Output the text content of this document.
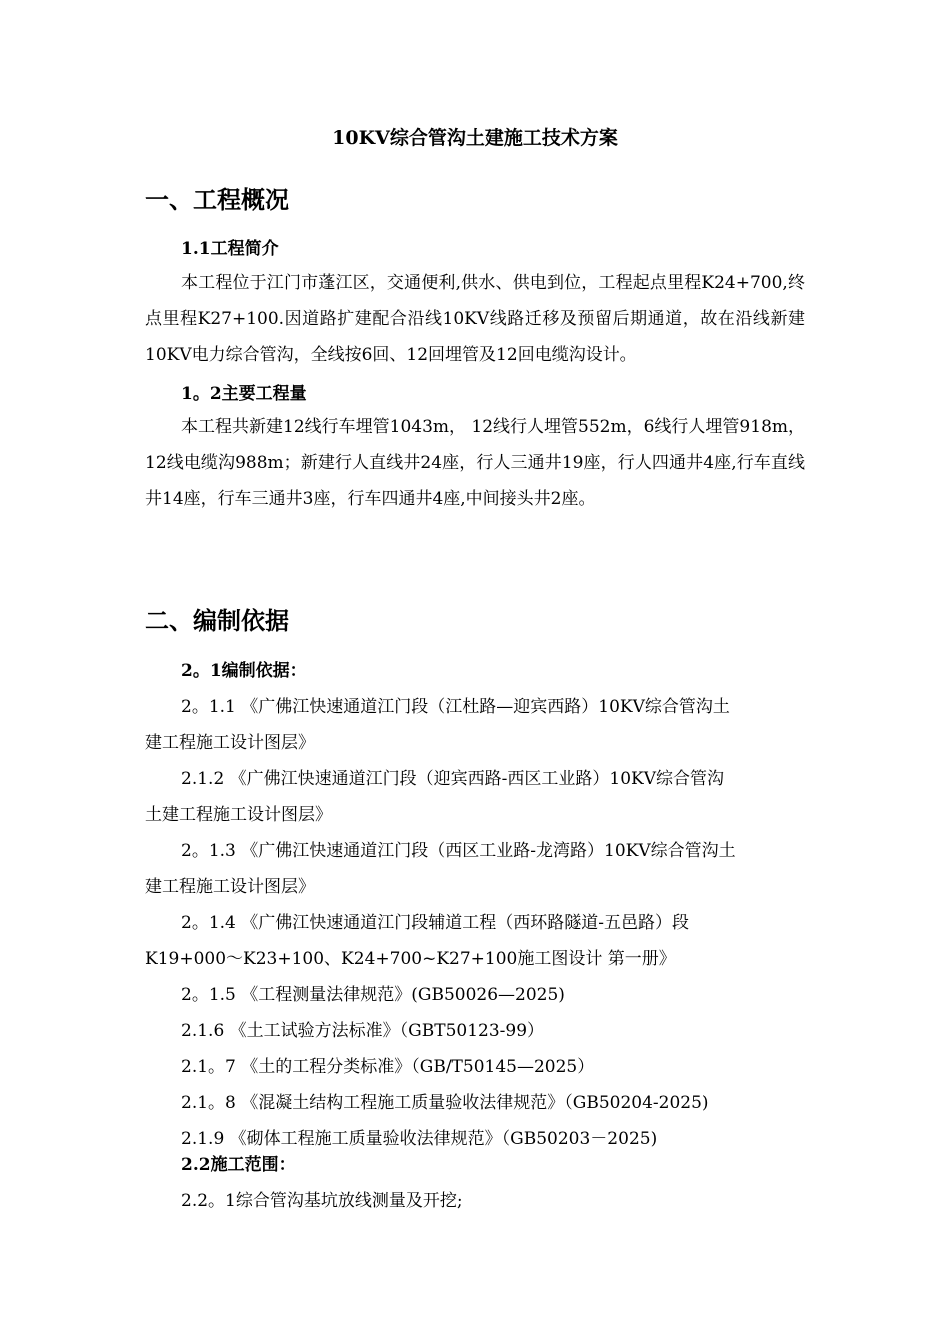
10KV综合管沟土建施工技术方案
一、工程概况
1.1工程简介

本工程位于江门市蓬江区，交通便利,供水、供电到位，工程起点里程K24+700,终点里程K27+100.因道路扩建配合沿线10KV线路迁移及预留后期通道，故在沿线新建10KV电力综合管沟，全线按6回、12回埋管及12回电缆沟设计。

1。2主要工程量

本工程共新建12线行车埋管1043m， 12线行人埋管552m，6线行人埋管918m， 12线电缆沟988m；新建行人直线井24座，行人三通井19座，行人四通井4座,行车直线井14座，行车三通井3座，行车四通井4座,中间接头井2座。

二、编制依据
2。1编制依据：
2。1.1 《广佛江快速通道江门段（江杜路—迎宾西路）10KV综合管沟土
建工程施工设计图层》
2.1.2 《广佛江快速通道江门段（迎宾西路-西区工业路）10KV综合管沟
土建工程施工设计图层》
2。1.3 《广佛江快速通道江门段（西区工业路-龙湾路）10KV综合管沟土
建工程施工设计图层》
2。1.4 《广佛江快速通道江门段辅道工程（西环路隧道-五邑路）段
K19+000～K23+100、K24+700~K27+100施工图设计 第一册》
2。1.5 《工程测量法律规范》(GB50026—2025)
2.1.6 《土工试验方法标准》（GBT50123-99）
2.1。7 《土的工程分类标准》（GB/T50145—2025）
2.1。8 《混凝土结构工程施工质量验收法律规范》（GB50204-2025)
2.1.9 《砌体工程施工质量验收法律规范》（GB50203－2025)
2.2施工范围：
2.2。1综合管沟基坑放线测量及开挖;
